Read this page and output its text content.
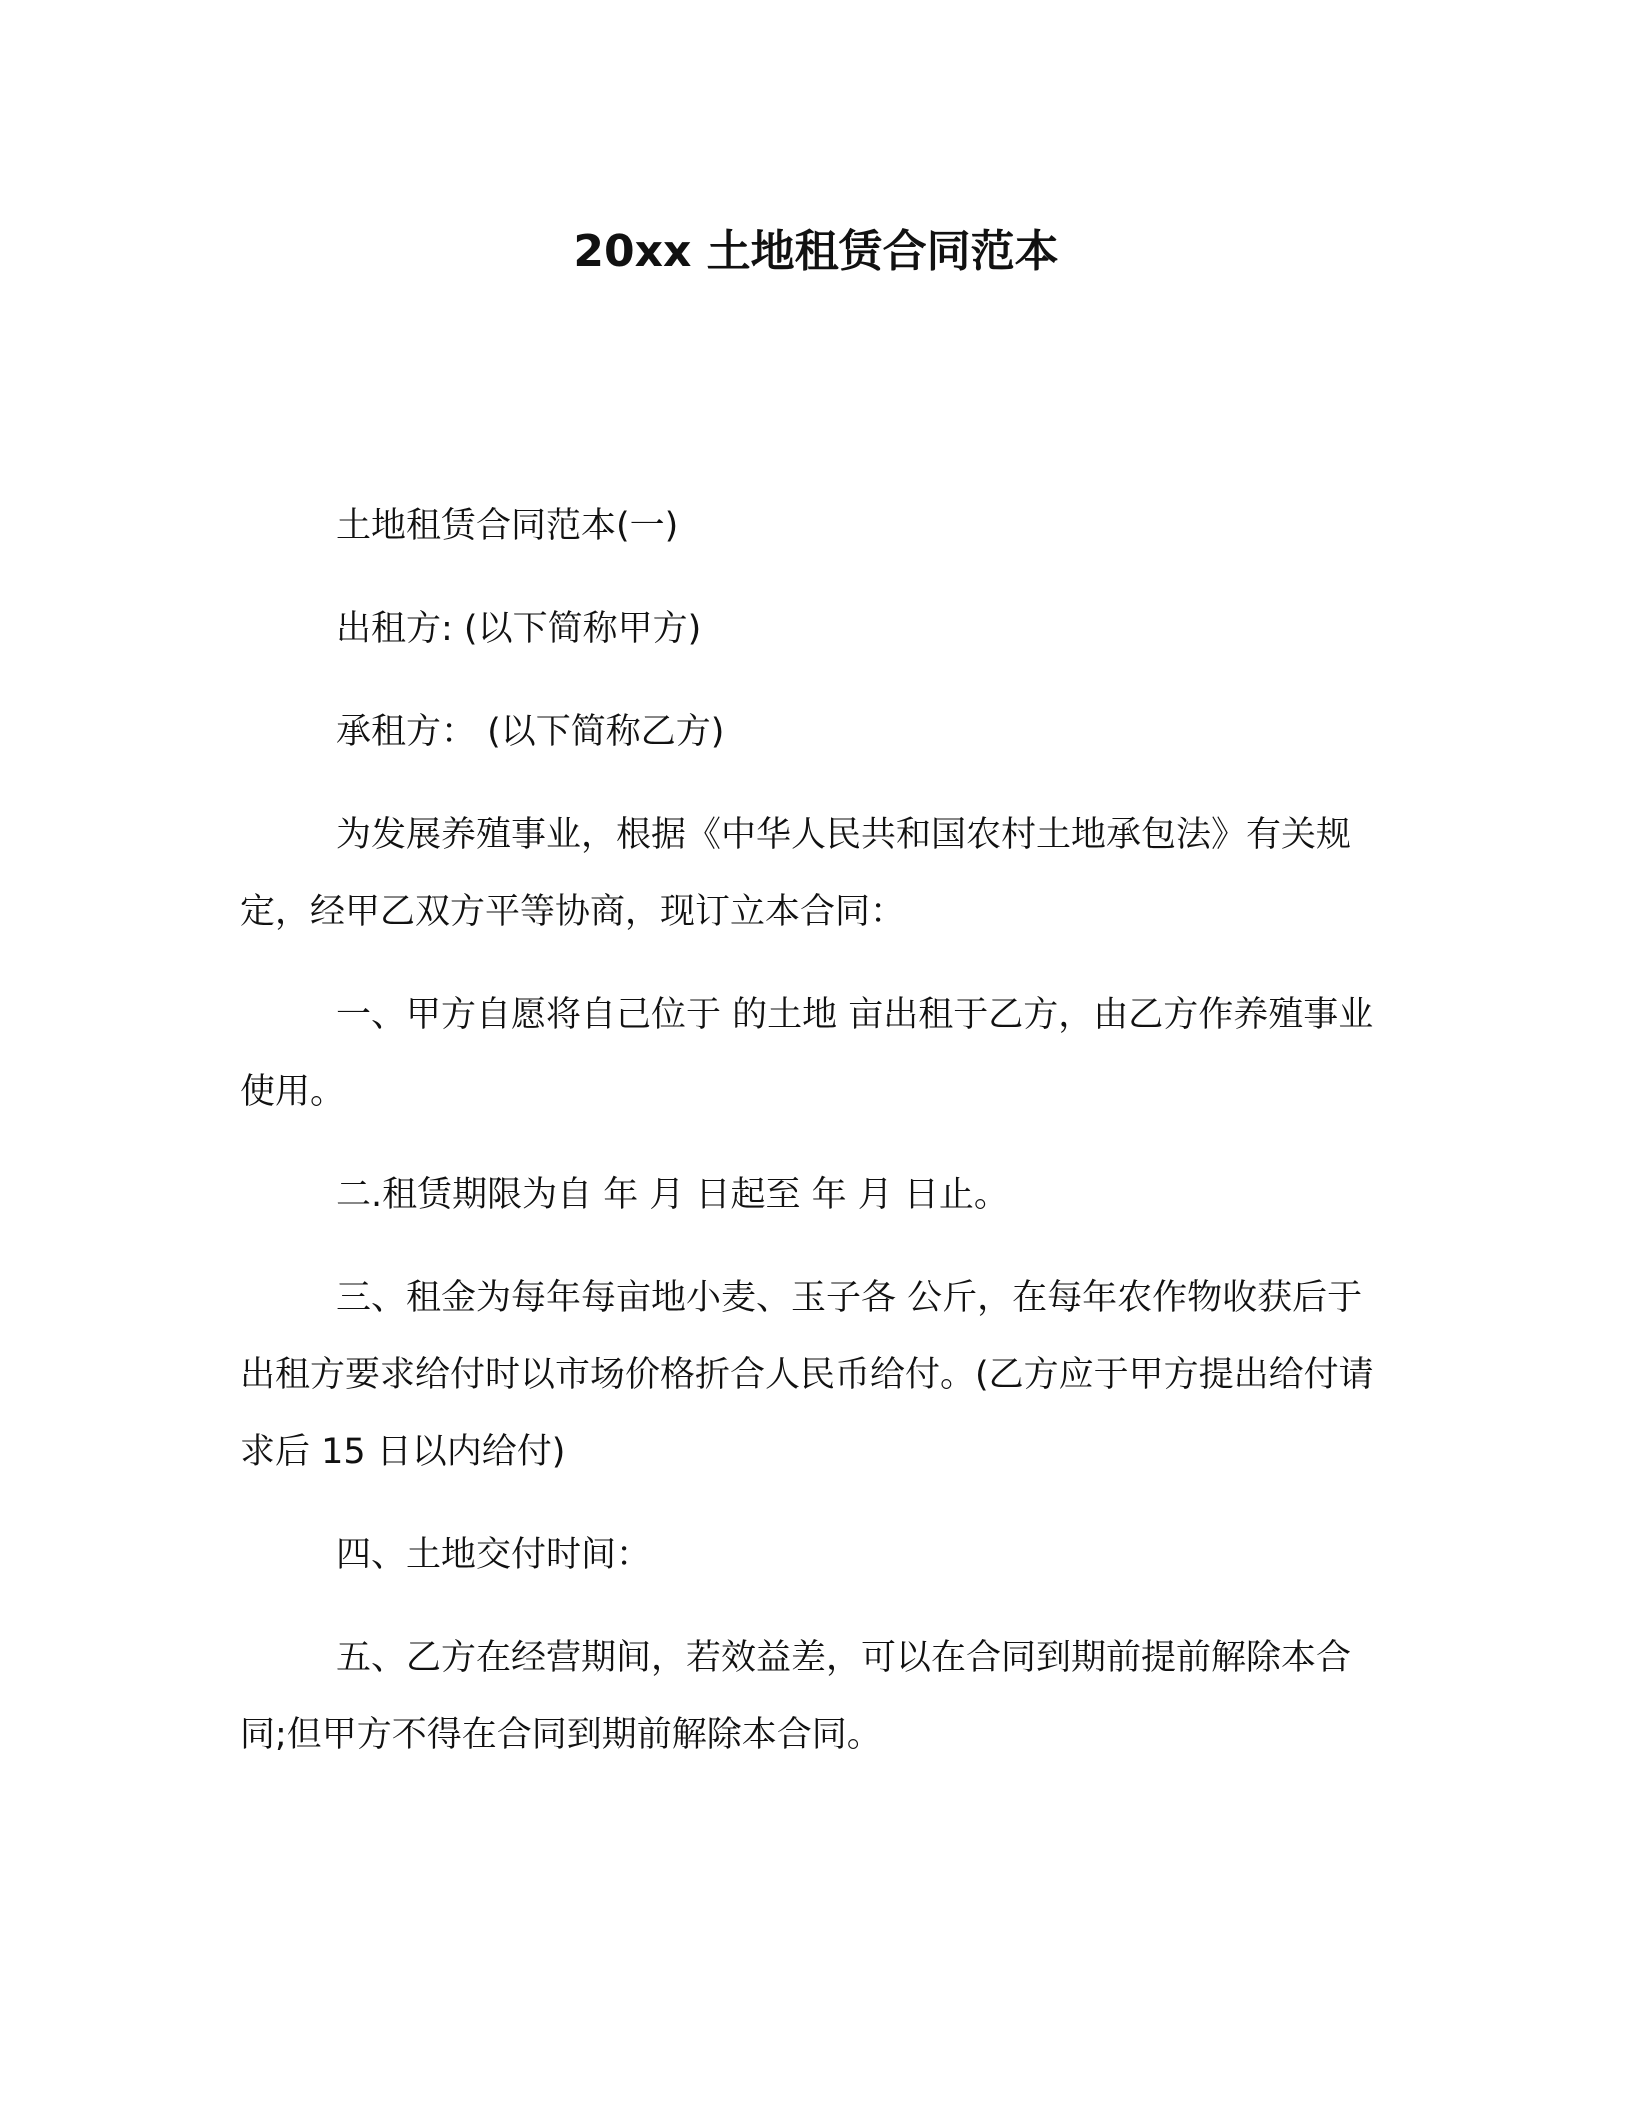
20xx 土地租赁合同范本

土地租赁合同范本(一)

出租方: (以下简称甲方)

承租方： (以下简称乙方)

为发展养殖事业，根据《中华人民共和国农村土地承包法》有关规定，经甲乙双方平等协商，现订立本合同：

一、甲方自愿将自己位于 的土地 亩出租于乙方，由乙方作养殖事业使用。

二.租赁期限为自 年 月 日起至 年 月 日止。

三、租金为每年每亩地小麦、玉子各 公斤，在每年农作物收获后于出租方要求给付时以市场价格折合人民币给付。(乙方应于甲方提出给付请求后 15 日以内给付)

四、土地交付时间：

五、乙方在经营期间，若效益差，可以在合同到期前提前解除本合同;但甲方不得在合同到期前解除本合同。
